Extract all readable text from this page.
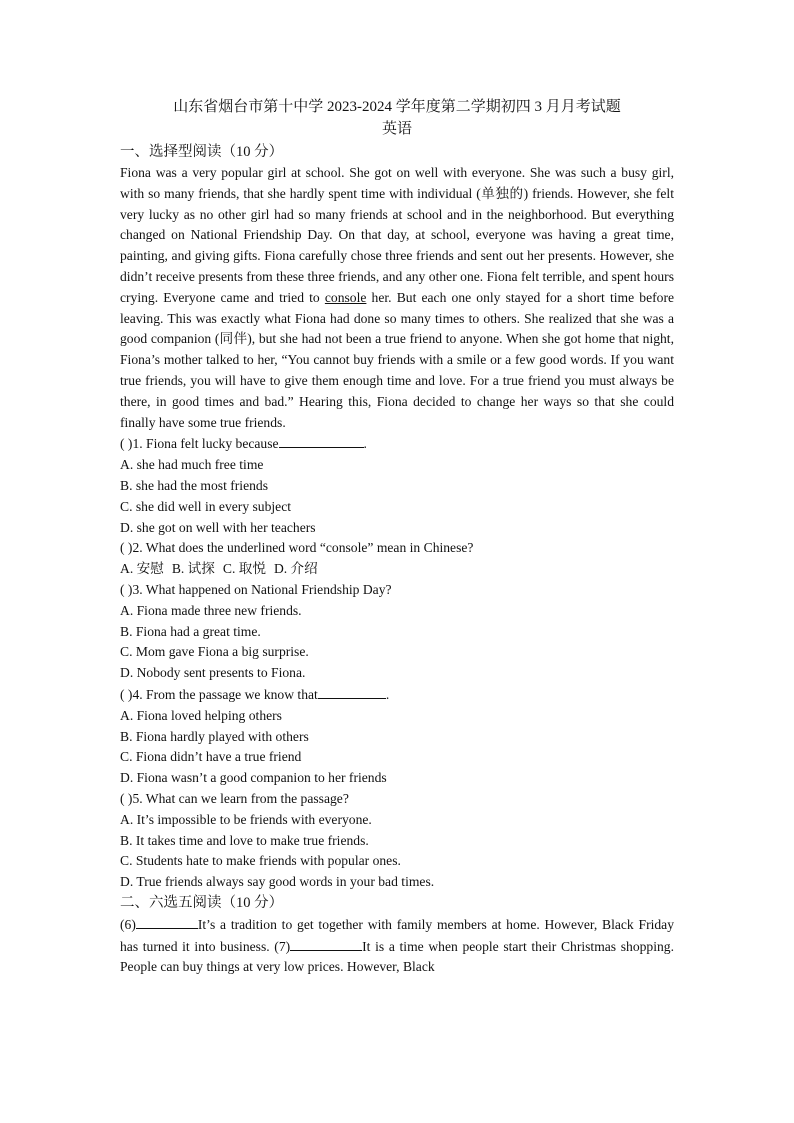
山东省烟台市第十中学 2023-2024 学年度第二学期初四 3 月月考试题
英语
一、选择型阅读（10 分）
Fiona was a very popular girl at school. She got on well with everyone. She was such a busy girl, with so many friends, that she hardly spent time with individual (单独的) friends. However, she felt very lucky as no other girl had so many friends at school and in the neighborhood. But everything changed on National Friendship Day. On that day, at school, everyone was having a great time, painting, and giving gifts. Fiona carefully chose three friends and sent out her presents. However, she didn’t receive presents from these three friends, and any other one. Fiona felt terrible, and spent hours crying. Everyone came and tried to console her. But each one only stayed for a short time before leaving. This was exactly what Fiona had done so many times to others. She realized that she was a good companion (同伴), but she had not been a true friend to anyone. When she got home that night, Fiona’s mother talked to her, “You cannot buy friends with a smile or a few good words. If you want true friends, you will have to give them enough time and love. For a true friend you must always be there, in good times and bad.” Hearing this, Fiona decided to change her ways so that she could finally have some true friends.
( )1. Fiona felt lucky because	.
A. she had much free time
B. she had the most friends
C. she did well in every subject
D. she got on well with her teachers
( )2. What does the underlined word “console” mean in Chinese?
A. 安慰 B. 试探 C. 取悦 D. 介绍
( )3. What happened on National Friendship Day?
A. Fiona made three new friends.
B. Fiona had a great time.
C. Mom gave Fiona a big surprise.
D. Nobody sent presents to Fiona.
( )4. From the passage we know that	.
A. Fiona loved helping others
B. Fiona hardly played with others
C. Fiona didn’t have a true friend
D. Fiona wasn’t a good companion to her friends
( )5. What can we learn from the passage?
A. It’s impossible to be friends with everyone.
B. It takes time and love to make true friends.
C. Students hate to make friends with popular ones.
D. True friends always say good words in your bad times.
二、六选五阅读（10 分）
(6)	It’s a tradition to get together with family members at home. However, Black Friday has turned it into business. (7)	It is a time when people start their Christmas shopping. People can buy things at very low prices. However, Black
